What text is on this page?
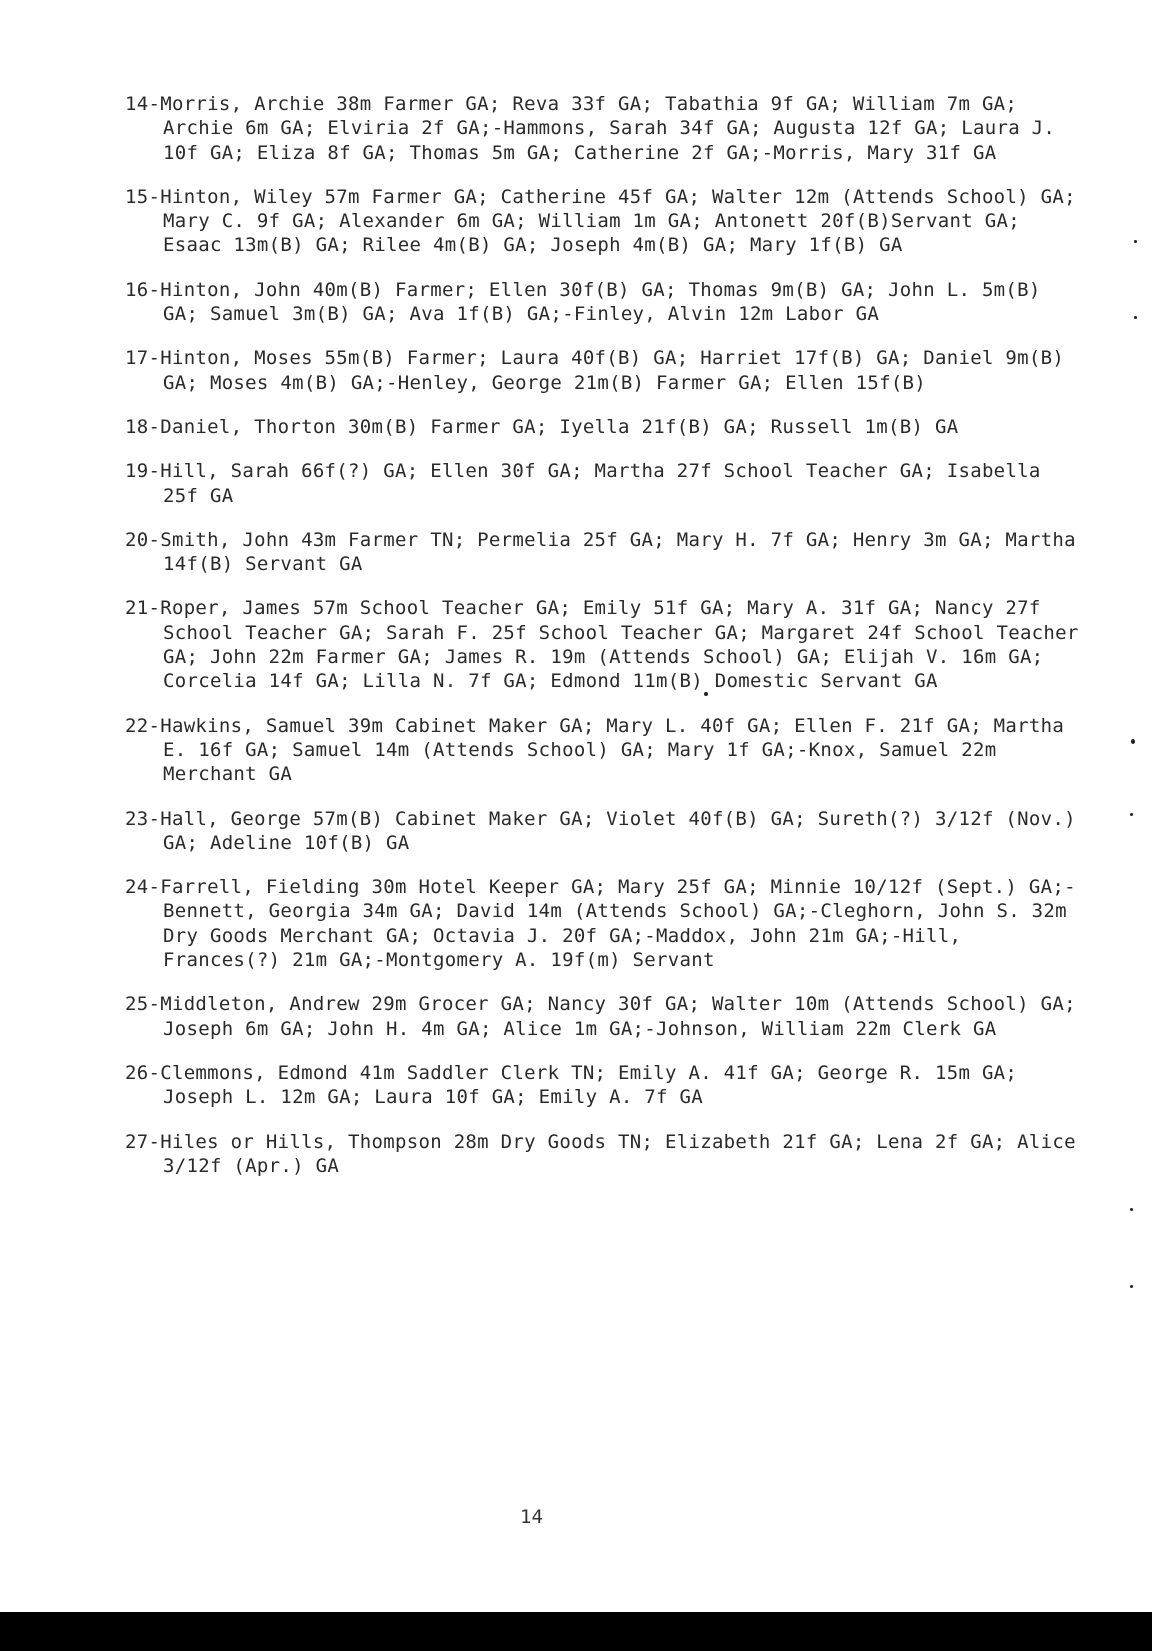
14-Morris, Archie 38m Farmer GA; Reva 33f GA; Tabathia 9f GA; William 7m GA; Archie 6m GA; Elviria 2f GA;-Hammons, Sarah 34f GA; Augusta 12f GA; Laura J. 10f GA; Eliza 8f GA; Thomas 5m GA; Catherine 2f GA;-Morris, Mary 31f GA

15-Hinton, Wiley 57m Farmer GA; Catherine 45f GA; Walter 12m (Attends School) GA; Mary C. 9f GA; Alexander 6m GA; William 1m GA; Antonett 20f(B)Servant GA; Esaac 13m(B) GA; Rilee 4m(B) GA; Joseph 4m(B) GA; Mary 1f(B) GA

16-Hinton, John 40m(B) Farmer; Ellen 30f(B) GA; Thomas 9m(B) GA; John L. 5m(B) GA; Samuel 3m(B) GA; Ava 1f(B) GA;-Finley, Alvin 12m Labor GA

17-Hinton, Moses 55m(B) Farmer; Laura 40f(B) GA; Harriet 17f(B) GA; Daniel 9m(B) GA; Moses 4m(B) GA;-Henley, George 21m(B) Farmer GA; Ellen 15f(B)

18-Daniel, Thorton 30m(B) Farmer GA; Iyella 21f(B) GA; Russell 1m(B) GA

19-Hill, Sarah 66f(?) GA; Ellen 30f GA; Martha 27f School Teacher GA; Isabella 25f GA

20-Smith, John 43m Farmer TN; Permelia 25f GA; Mary H. 7f GA; Henry 3m GA; Martha 14f(B) Servant GA

21-Roper, James 57m School Teacher GA; Emily 51f GA; Mary A. 31f GA; Nancy 27f School Teacher GA; Sarah F. 25f School Teacher GA; Margaret 24f School Teacher GA; John 22m Farmer GA; James R. 19m (Attends School) GA; Elijah V. 16m GA; Corcelia 14f GA; Lilla N. 7f GA; Edmond 11m(B) Domestic Servant GA

22-Hawkins, Samuel 39m Cabinet Maker GA; Mary L. 40f GA; Ellen F. 21f GA; Martha E. 16f GA; Samuel 14m (Attends School) GA; Mary 1f GA;-Knox, Samuel 22m Merchant GA

23-Hall, George 57m(B) Cabinet Maker GA; Violet 40f(B) GA; Sureth(?) 3/12f (Nov.) GA; Adeline 10f(B) GA

24-Farrell, Fielding 30m Hotel Keeper GA; Mary 25f GA; Minnie 10/12f (Sept.) GA;-Bennett, Georgia 34m GA; David 14m (Attends School) GA;-Cleghorn, John S. 32m Dry Goods Merchant GA; Octavia J. 20f GA;-Maddox, John 21m GA;-Hill, Frances(?) 21m GA;-Montgomery A. 19f(m) Servant

25-Middleton, Andrew 29m Grocer GA; Nancy 30f GA; Walter 10m (Attends School) GA; Joseph 6m GA; John H. 4m GA; Alice 1m GA;-Johnson, William 22m Clerk GA

26-Clemmons, Edmond 41m Saddler Clerk TN; Emily A. 41f GA; George R. 15m GA; Joseph L. 12m GA; Laura 10f GA; Emily A. 7f GA

27-Hiles or Hills, Thompson 28m Dry Goods TN; Elizabeth 21f GA; Lena 2f GA; Alice 3/12f (Apr.) GA

14
